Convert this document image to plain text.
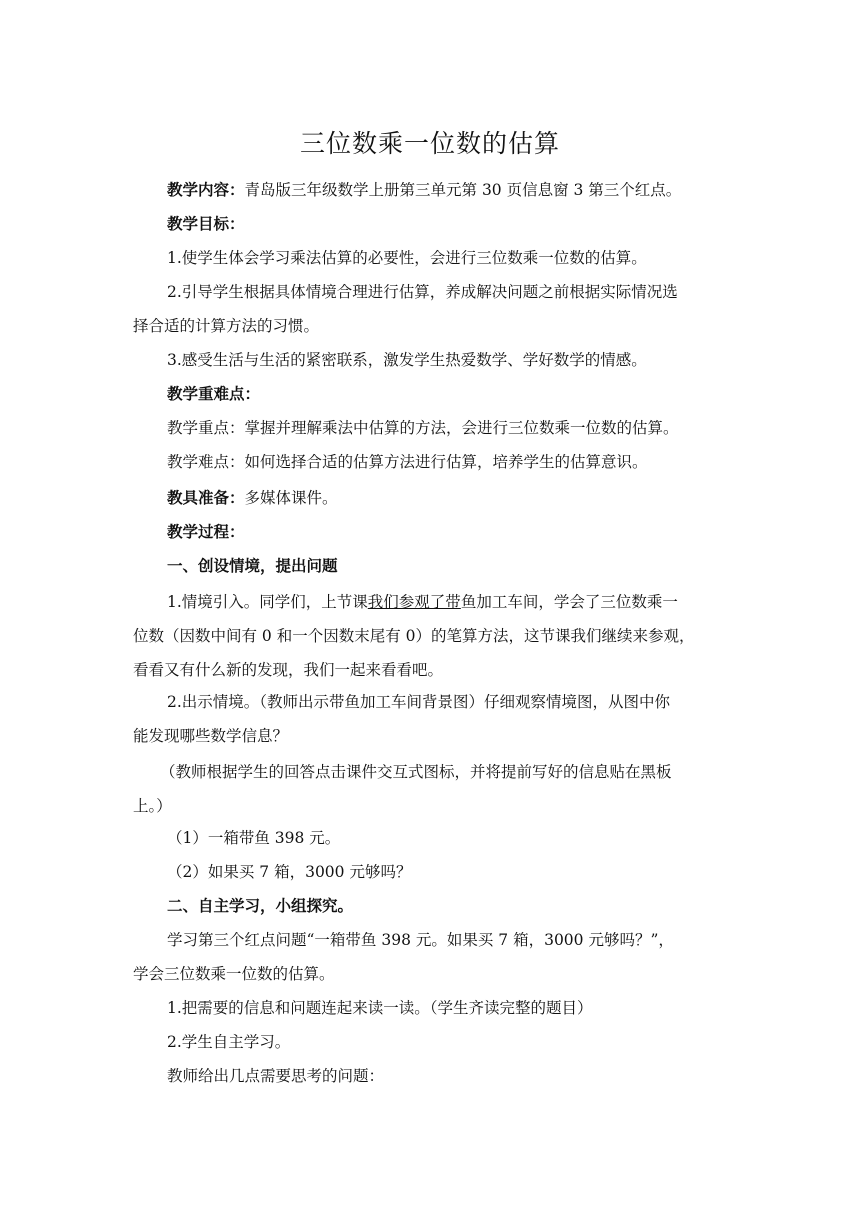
三位数乘一位数的估算

教学内容：青岛版三年级数学上册第三单元第 30 页信息窗 3 第三个红点。

教学目标：

1.使学生体会学习乘法估算的必要性，会进行三位数乘一位数的估算。

2.引导学生根据具体情境合理进行估算，养成解决问题之前根据实际情况选

择合适的计算方法的习惯。

3.感受生活与生活的紧密联系，激发学生热爱数学、学好数学的情感。

教学重难点：

教学重点：掌握并理解乘法中估算的方法，会进行三位数乘一位数的估算。

教学难点：如何选择合适的估算方法进行估算，培养学生的估算意识。

教具准备：多媒体课件。

教学过程：

一、创设情境，提出问题

1.情境引入。同学们，上节课我们参观了带鱼加工车间，学会了三位数乘一

位数（因数中间有 0 和一个因数末尾有 0）的笔算方法，这节课我们继续来参观，

看看又有什么新的发现，我们一起来看看吧。

2.出示情境。（教师出示带鱼加工车间背景图）仔细观察情境图，从图中你

能发现哪些数学信息？

（教师根据学生的回答点击课件交互式图标，并将提前写好的信息贴在黑板

上。）

（1）一箱带鱼 398 元。

（2）如果买 7 箱，3000 元够吗？

二、自主学习，小组探究。

学习第三个红点问题“一箱带鱼 398 元。如果买 7 箱，3000 元够吗？”，

学会三位数乘一位数的估算。

1.把需要的信息和问题连起来读一读。（学生齐读完整的题目）

2.学生自主学习。

教师给出几点需要思考的问题：
